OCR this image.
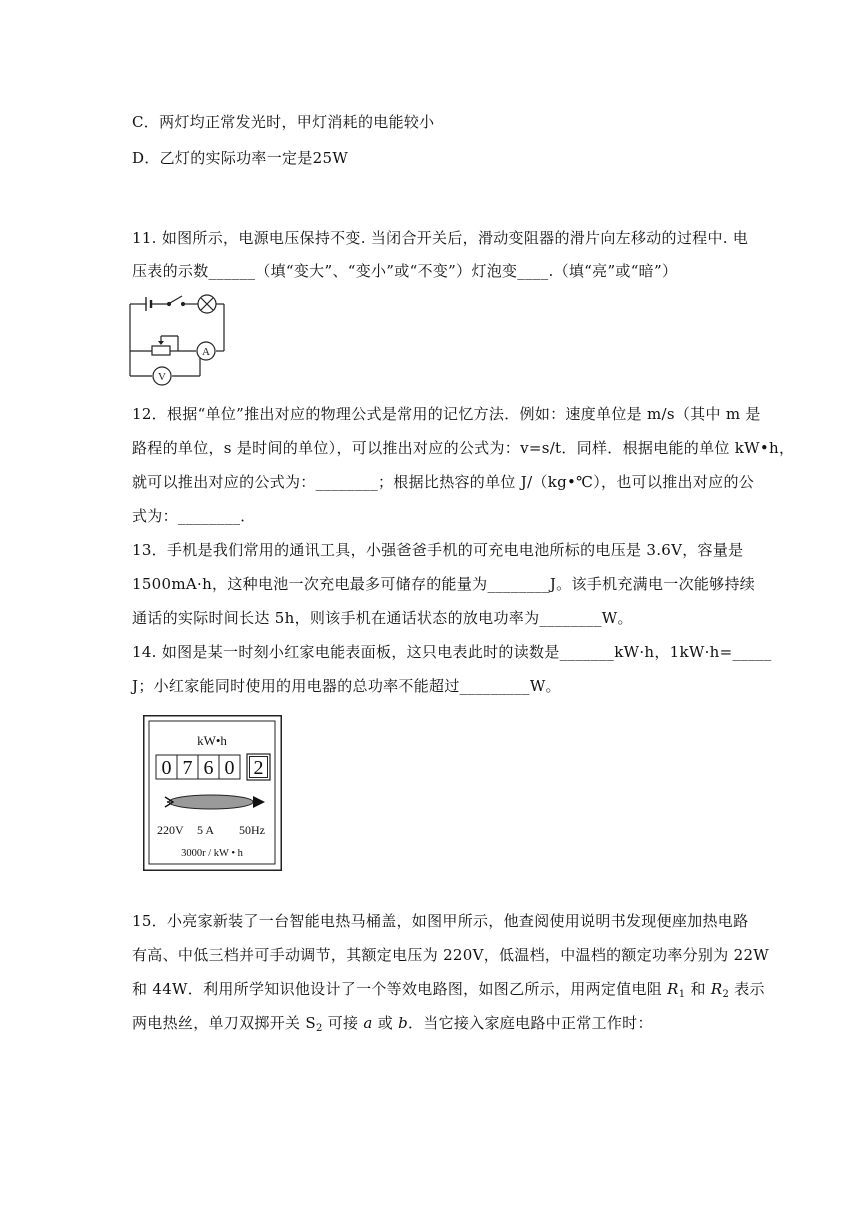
C．两灯均正常发光时，甲灯消耗的电能较小
D．乙灯的实际功率一定是25W
11. 如图所示，电源电压保持不变. 当闭合开关后，滑动变阻器的滑片向左移动的过程中. 电
压表的示数______（填“变大”、“变小”或“不变”）灯泡变____.（填“亮”或“暗”）
A
V
12．根据“单位”推出对应的物理公式是常用的记忆方法．例如：速度单位是 m/s（其中 m 是
路程的单位，s 是时间的单位），可以推出对应的公式为：v=s/t．同样．根据电能的单位 kW•h，
就可以推出对应的公式为：________；根据比热容的单位 J/（kg•℃），也可以推出对应的公
式为：________．
13．手机是我们常用的通讯工具，小强爸爸手机的可充电电池所标的电压是 3.6V，容量是
1500mA·h，这种电池一次充电最多可储存的能量为________J。该手机充满电一次能够持续
通话的实际时间长达 5h，则该手机在通话状态的放电功率为________W。
14. 如图是某一时刻小红家电能表面板，这只电表此时的读数是_______kW·h，1kW·h=_____
J；小红家能同时使用的用电器的总功率不能超过_________W。
kW•h
0 7 6 0 2
220V 5 A 50Hz
3000r / kW • h
15．小亮家新装了一台智能电热马桶盖，如图甲所示，他查阅使用说明书发现便座加热电路
有高、中低三档并可手动调节，其额定电压为 220V，低温档，中温档的额定功率分别为 22W
和 44W．利用所学知识他设计了一个等效电路图，如图乙所示，用两定值电阻 $R_1$ 和 $R_2$ 表示
两电热丝，单刀双掷开关 $S_2$ 可接 a 或 b．当它接入家庭电路中正常工作时：
